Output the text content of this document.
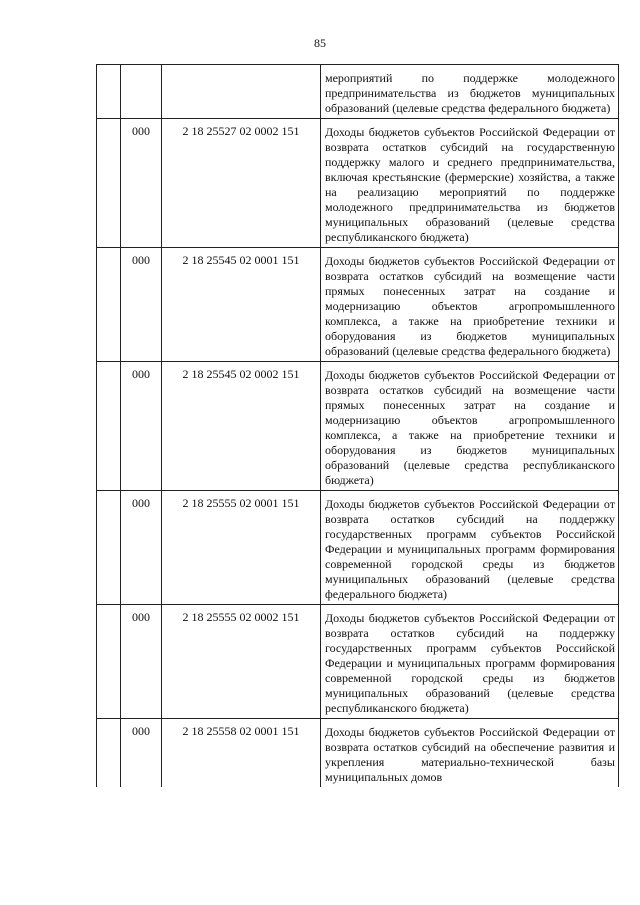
85
			мероприятий по поддержке молодежного предпринимательства из бюджетов муниципальных образований (целевые средства федерального бюджета)
	000	2 18 25527 02 0002 151	Доходы бюджетов субъектов Российской Федерации от возврата остатков субсидий на государственную поддержку малого и среднего предпринимательства, включая крестьянские (фермерские) хозяйства, а также на реализацию мероприятий по поддержке молодежного предпринимательства из бюджетов муниципальных образований (целевые средства республиканского бюджета)
	000	2 18 25545 02 0001 151	Доходы бюджетов субъектов Российской Федерации от возврата остатков субсидий на возмещение части прямых понесенных затрат на создание и модернизацию объектов агропромышленного комплекса, а также на приобретение техники и оборудования из бюджетов муниципальных образований (целевые средства федерального бюджета)
	000	2 18 25545 02 0002 151	Доходы бюджетов субъектов Российской Федерации от возврата остатков субсидий на возмещение части прямых понесенных затрат на создание и модернизацию объектов агропромышленного комплекса, а также на приобретение техники и оборудования из бюджетов муниципальных образований (целевые средства республиканского бюджета)
	000	2 18 25555 02 0001 151	Доходы бюджетов субъектов Российской Федерации от возврата остатков субсидий на поддержку государственных программ субъектов Российской Федерации и муниципальных программ формирования современной городской среды из бюджетов муниципальных образований (целевые средства федерального бюджета)
	000	2 18 25555 02 0002 151	Доходы бюджетов субъектов Российской Федерации от возврата остатков субсидий на поддержку государственных программ субъектов Российской Федерации и муниципальных программ формирования современной городской среды из бюджетов муниципальных образований (целевые средства республиканского бюджета)
	000	2 18 25558 02 0001 151	Доходы бюджетов субъектов Российской Федерации от возврата остатков субсидий на обеспечение развития и укрепления материально-технической базы муниципальных домов
